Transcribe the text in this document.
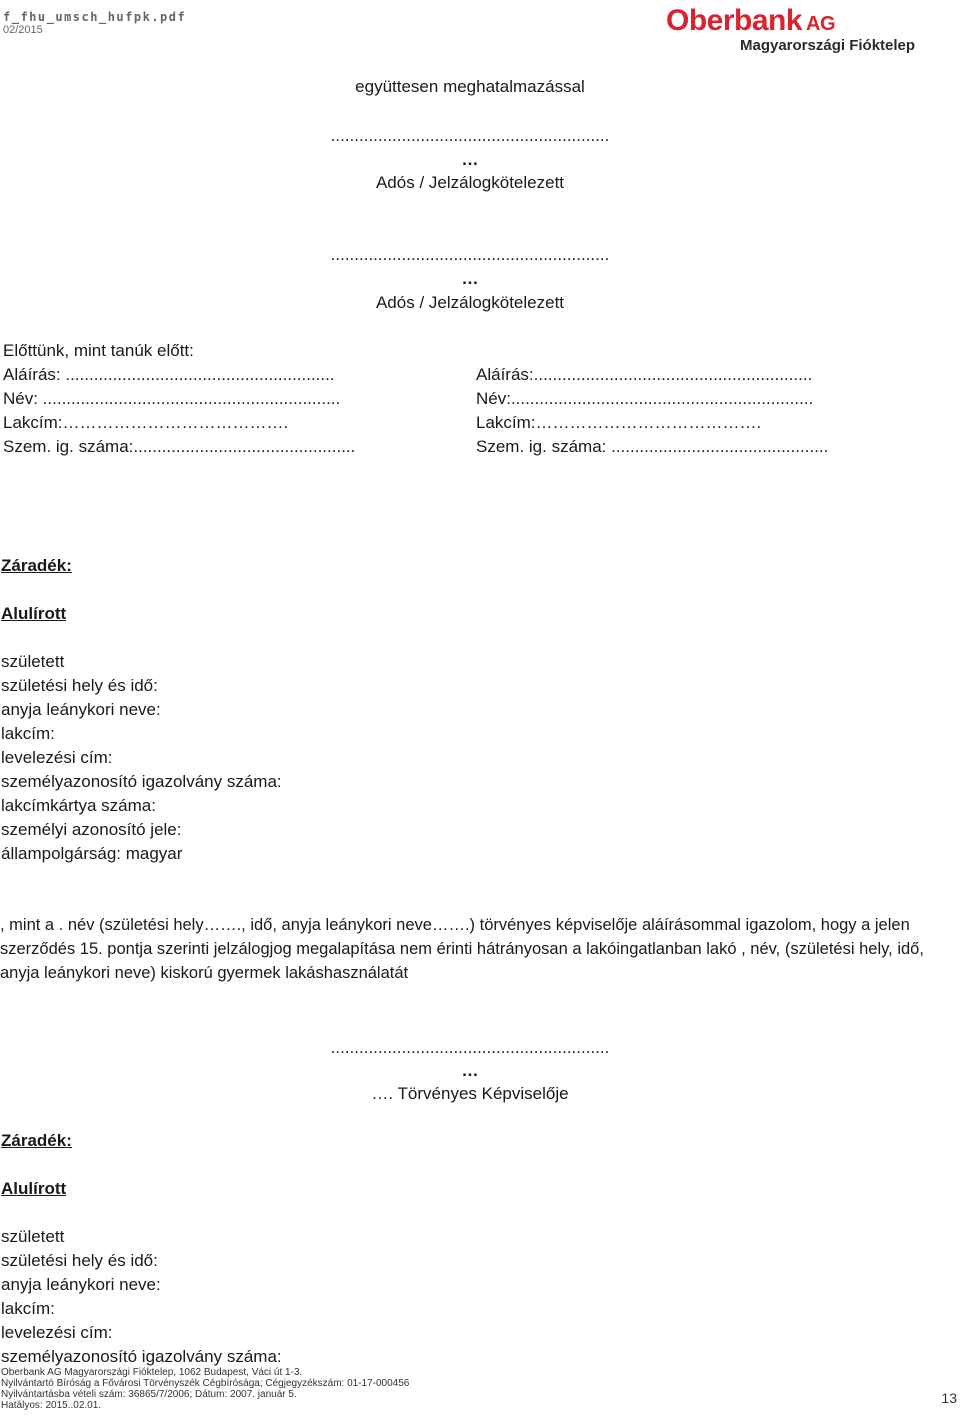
f_fhu_umsch_hufpk.pdf
02/2015	Oberbank AG
Magyarországi Fióktelep
együttesen meghatalmazással
...........................................................
…
Adós / Jelzálogkötelezett
...........................................................
…
Adós / Jelzálogkötelezett
Előttünk, mint tanúk előtt:
Aláírás: .........................................................
Név: ...............................................................
Lakcím:………………………………….
Szem. ig. száma:...............................................
Aláírás:...........................................................
Név:................................................................
Lakcím:………………………………….
Szem. ig. száma: ..............................................
Záradék:
Alulírott
született
születési hely és idő:
anyja leánykori neve:
lakcím:
levelezési cím:
személyazonosító igazolvány száma:
lakcímkártya száma:
személyi azonosító jele:
állampolgárság: magyar
, mint a . név (születési hely……., idő, anyja leánykori neve…….) törvényes képviselője aláírásommal igazolom, hogy a jelen szerződés 15. pontja szerinti jelzálogjog megalapítása nem érinti hátrányosan a lakóingatlanban lakó , név, (születési hely, idő, anyja leánykori neve) kiskorú gyermek lakáshasználatát
...........................................................
…
…. Törvényes Képviselője
Záradék:
Alulírott
született
születési hely és idő:
anyja leánykori neve:
lakcím:
levelezési cím:
személyazonosító igazolvány száma:
Oberbank AG Magyarországi Fióktelep, 1062 Budapest, Váci út 1-3.
Nyilvántartó Bíróság a Fővárosi Törvényszék Cégbírósága; Cégjegyzékszám: 01-17-000456
Nyilvántartásba vételi szám: 36865/7/2006; Dátum: 2007. január 5.
Hatályos: 2015..02.01.	13
